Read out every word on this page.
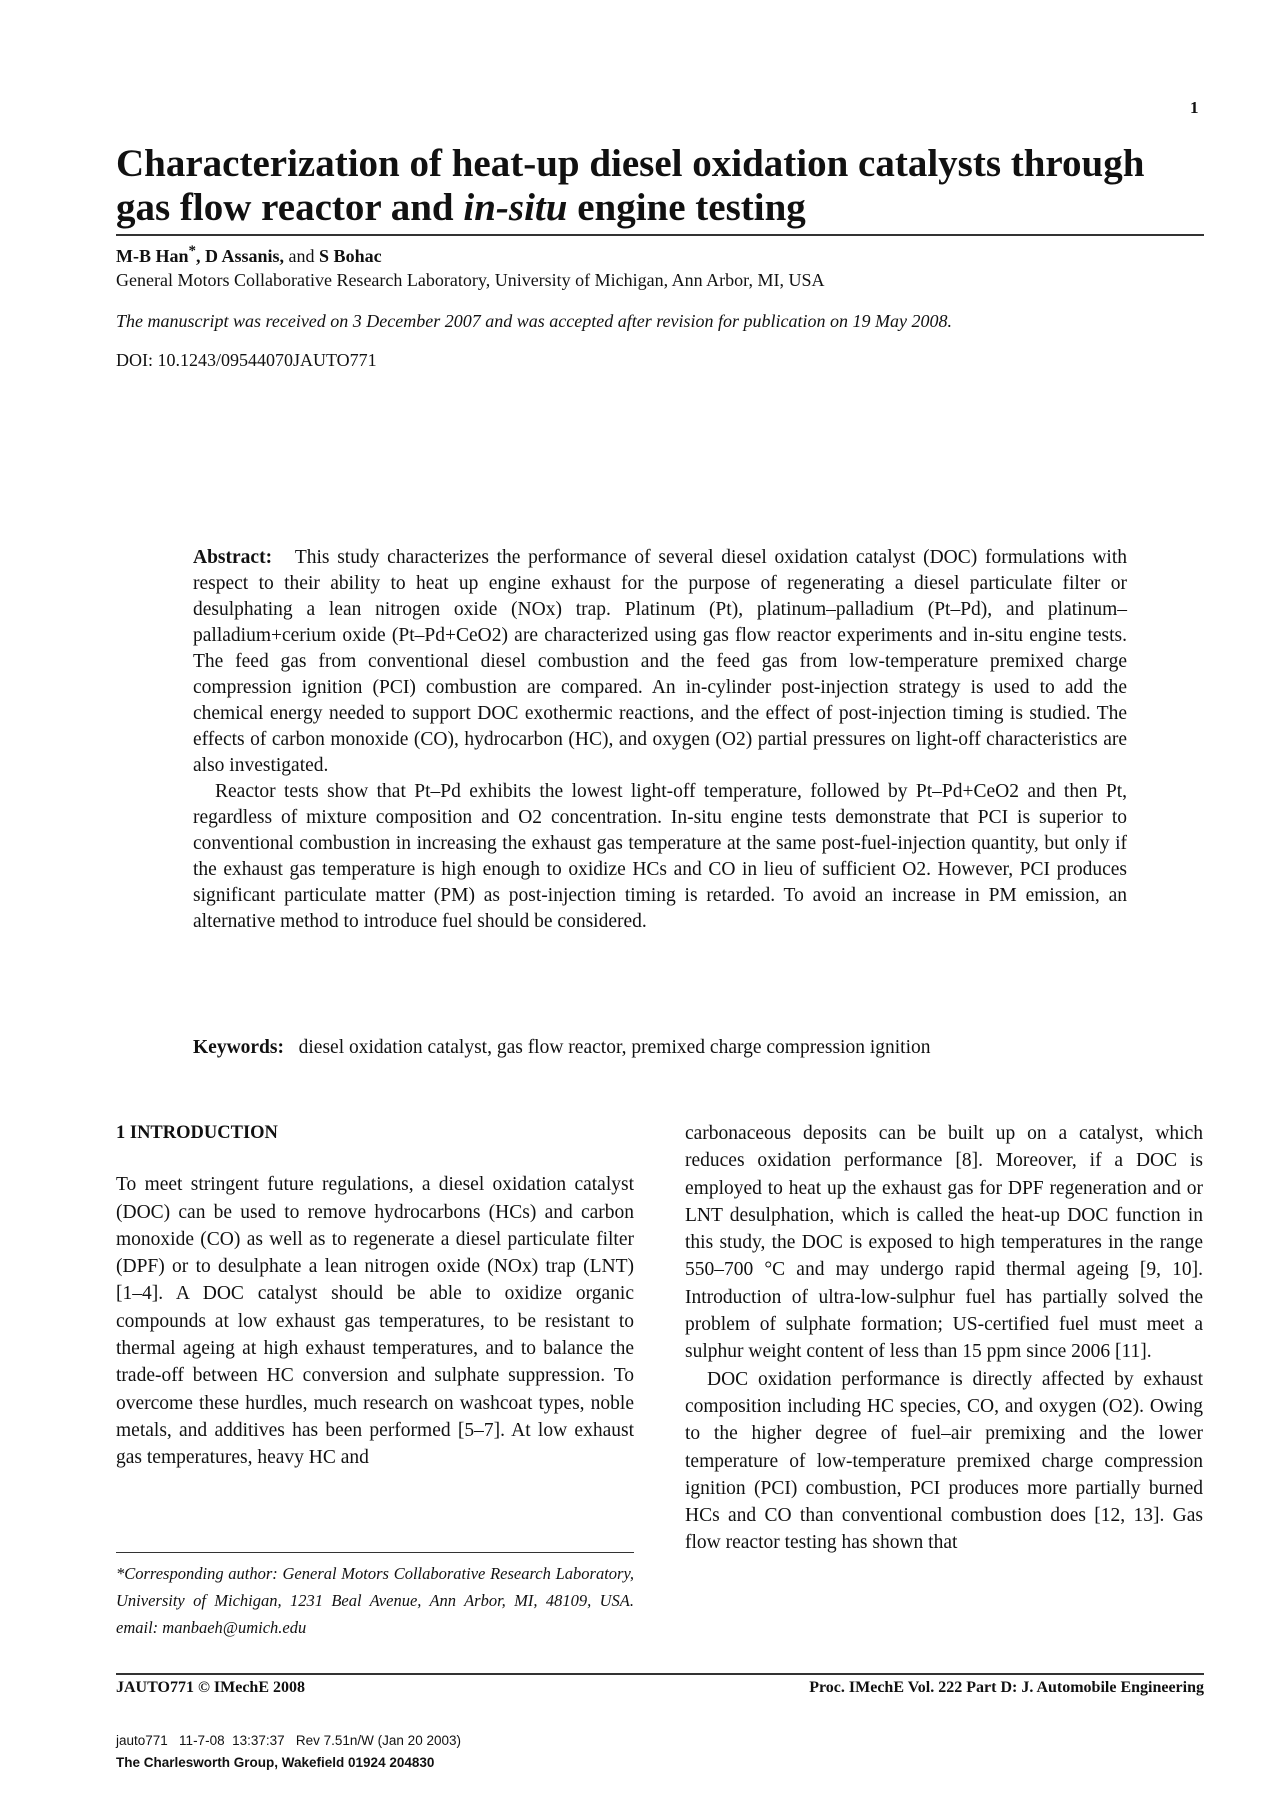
1
Characterization of heat-up diesel oxidation catalysts through gas flow reactor and in-situ engine testing
M-B Han*, D Assanis, and S Bohac
General Motors Collaborative Research Laboratory, University of Michigan, Ann Arbor, MI, USA
The manuscript was received on 3 December 2007 and was accepted after revision for publication on 19 May 2008.
DOI: 10.1243/09544070JAUTO771

Abstract: This study characterizes the performance of several diesel oxidation catalyst (DOC) formulations with respect to their ability to heat up engine exhaust for the purpose of regenerating a diesel particulate filter or desulphating a lean nitrogen oxide (NOx) trap. Platinum (Pt), platinum–palladium (Pt–Pd), and platinum–palladium+cerium oxide (Pt–Pd+CeO2) are characterized using gas flow reactor experiments and in-situ engine tests. The feed gas from conventional diesel combustion and the feed gas from low-temperature premixed charge compression ignition (PCI) combustion are compared. An in-cylinder post-injection strategy is used to add the chemical energy needed to support DOC exothermic reactions, and the effect of post-injection timing is studied. The effects of carbon monoxide (CO), hydrocarbon (HC), and oxygen (O2) partial pressures on light-off characteristics are also investigated.

Reactor tests show that Pt–Pd exhibits the lowest light-off temperature, followed by Pt–Pd+CeO2 and then Pt, regardless of mixture composition and O2 concentration. In-situ engine tests demonstrate that PCI is superior to conventional combustion in increasing the exhaust gas temperature at the same post-fuel-injection quantity, but only if the exhaust gas temperature is high enough to oxidize HCs and CO in lieu of sufficient O2. However, PCI produces significant particulate matter (PM) as post-injection timing is retarded. To avoid an increase in PM emission, an alternative method to introduce fuel should be considered.

Keywords: diesel oxidation catalyst, gas flow reactor, premixed charge compression ignition

1 INTRODUCTION

To meet stringent future regulations, a diesel oxidation catalyst (DOC) can be used to remove hydrocarbons (HCs) and carbon monoxide (CO) as well as to regenerate a diesel particulate filter (DPF) or to desulphate a lean nitrogen oxide (NOx) trap (LNT) [1–4]. A DOC catalyst should be able to oxidize organic compounds at low exhaust gas temperatures, to be resistant to thermal ageing at high exhaust temperatures, and to balance the trade-off between HC conversion and sulphate suppression. To overcome these hurdles, much research on washcoat types, noble metals, and additives has been performed [5–7]. At low exhaust gas temperatures, heavy HC and

carbonaceous deposits can be built up on a catalyst, which reduces oxidation performance [8]. Moreover, if a DOC is employed to heat up the exhaust gas for DPF regeneration and or LNT desulphation, which is called the heat-up DOC function in this study, the DOC is exposed to high temperatures in the range 550–700 °C and may undergo rapid thermal ageing [9, 10]. Introduction of ultra-low-sulphur fuel has partially solved the problem of sulphate formation; US-certified fuel must meet a sulphur weight content of less than 15 ppm since 2006 [11].

DOC oxidation performance is directly affected by exhaust composition including HC species, CO, and oxygen (O2). Owing to the higher degree of fuel–air premixing and the lower temperature of low-temperature premixed charge compression ignition (PCI) combustion, PCI produces more partially burned HCs and CO than conventional combustion does [12, 13]. Gas flow reactor testing has shown that

*Corresponding author: General Motors Collaborative Research Laboratory, University of Michigan, 1231 Beal Avenue, Ann Arbor, MI, 48109, USA. email: manbaeh@umich.edu
JAUTO771 © IMechE 2008	Proc. IMechE Vol. 222 Part D: J. Automobile Engineering
jauto771   11-7-08  13:37:37   Rev 7.51n/W (Jan 20 2003)
The Charlesworth Group, Wakefield 01924 204830
